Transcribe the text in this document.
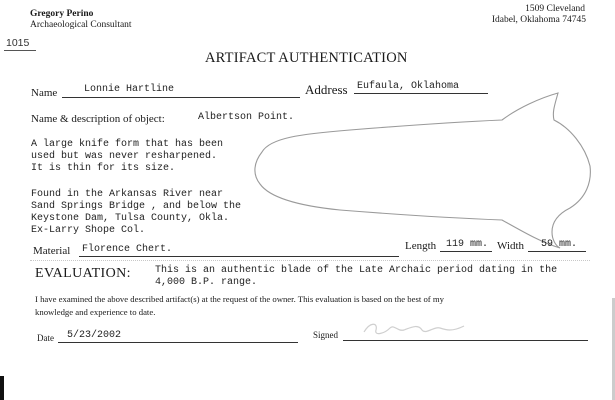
Gregory Perino
Archaeological Consultant
1509 Cleveland
Idabel, Oklahoma 74745
1015
ARTIFACT AUTHENTICATION
Name	Lonnie Hartline	Address Eufaula, Oklahoma
Name & description of object:	Albertson Point.
A large knife form that has been
used but was never resharpened.
It is thin for its size.
Found in the Arkansas River near
Sand Springs Bridge , and below the
Keystone Dam, Tulsa County, Okla.
Ex-Larry Shope Col.
Material Florence Chert.	Length 119 mm. Width 59 mm.
EVALUATION: This is an authentic blade of the Late Archaic period dating in the
4,000 B.P. range.
I have examined the above described artifact(s) at the request of the owner. This evaluation is based on the best of my
knowledge and experience to date.
Date 5/23/2002	Signed
